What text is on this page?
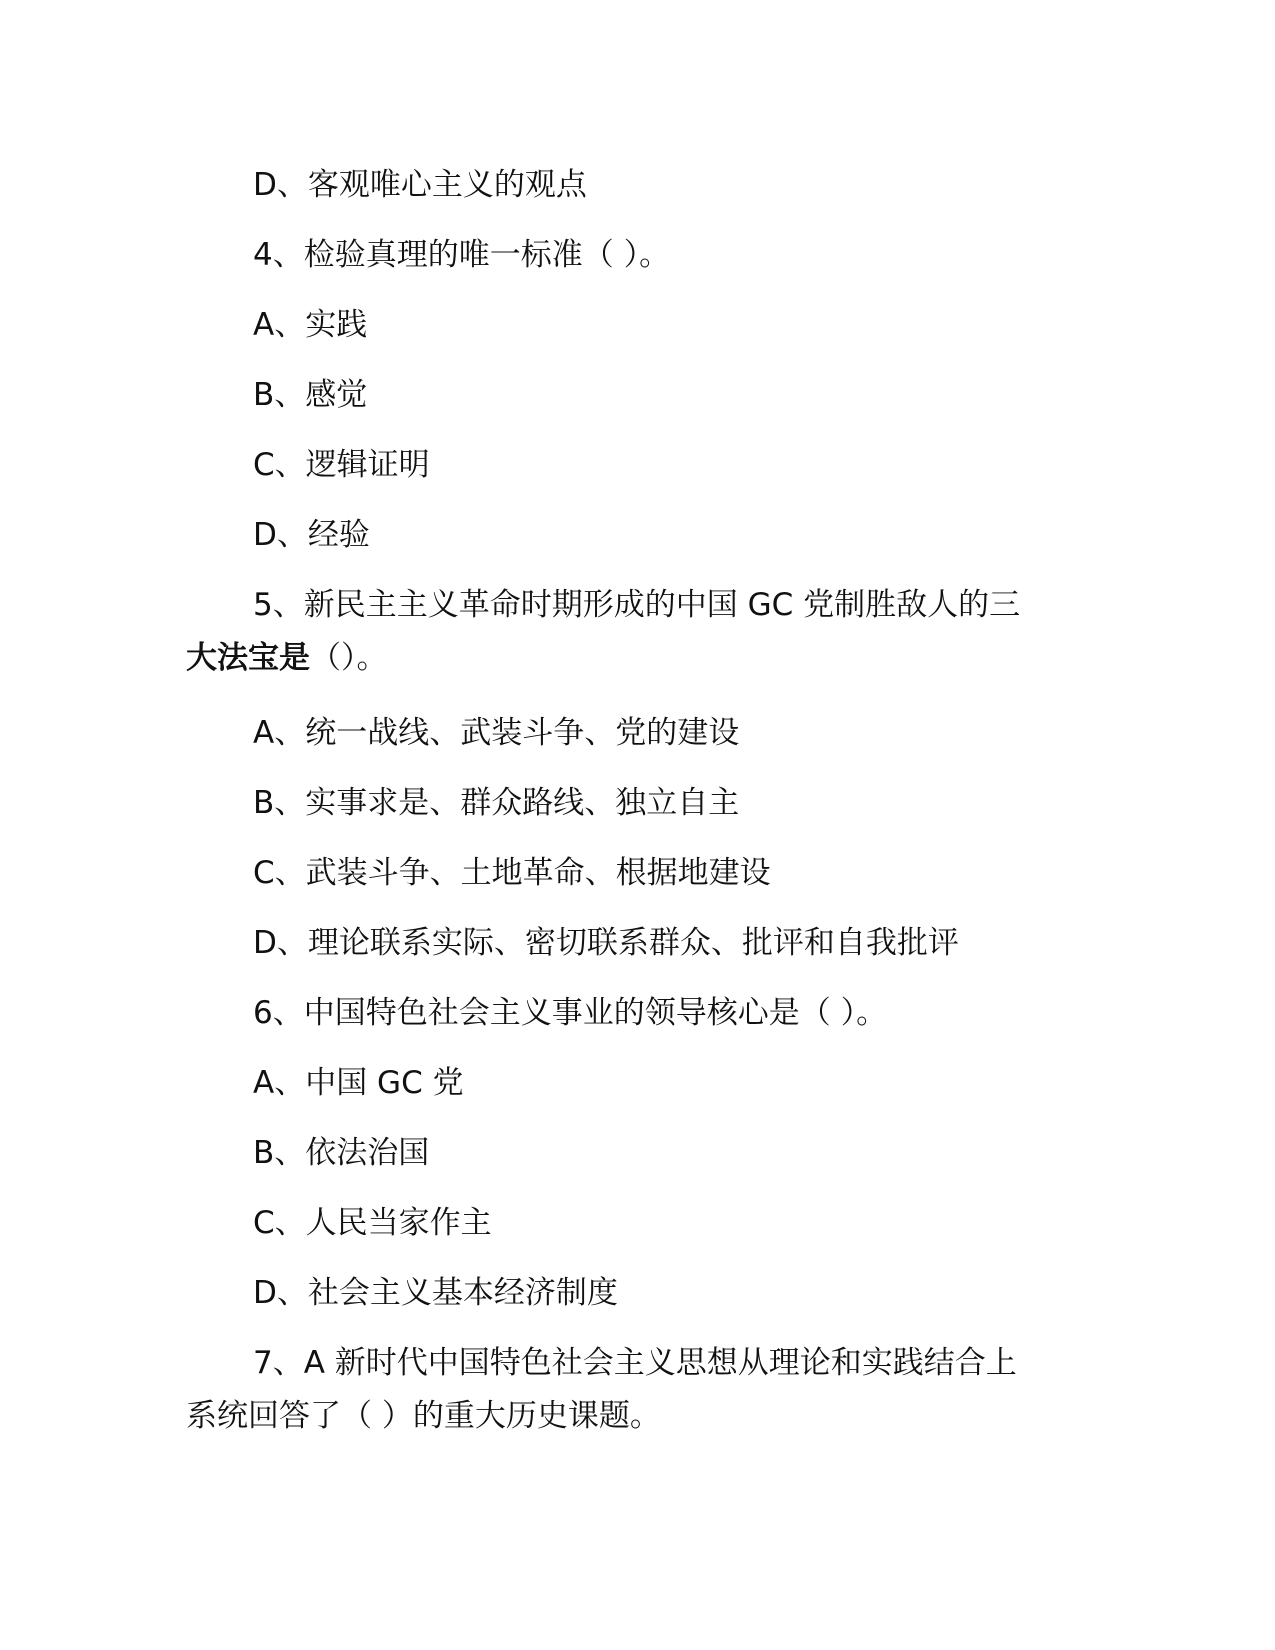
D、客观唯心主义的观点
4、检验真理的唯一标准（ ）。
A、实践
B、感觉
C、逻辑证明
D、经验
5、新民主主义革命时期形成的中国 GC 党制胜敌人的三
大法宝是（）。
A、统一战线、武装斗争、党的建设
B、实事求是、群众路线、独立自主
C、武装斗争、土地革命、根据地建设
D、理论联系实际、密切联系群众、批评和自我批评
6、中国特色社会主义事业的领导核心是（ ）。
A、中国 GC 党
B、依法治国
C、人民当家作主
D、社会主义基本经济制度
7、A 新时代中国特色社会主义思想从理论和实践结合上
系统回答了（ ）的重大历史课题。
